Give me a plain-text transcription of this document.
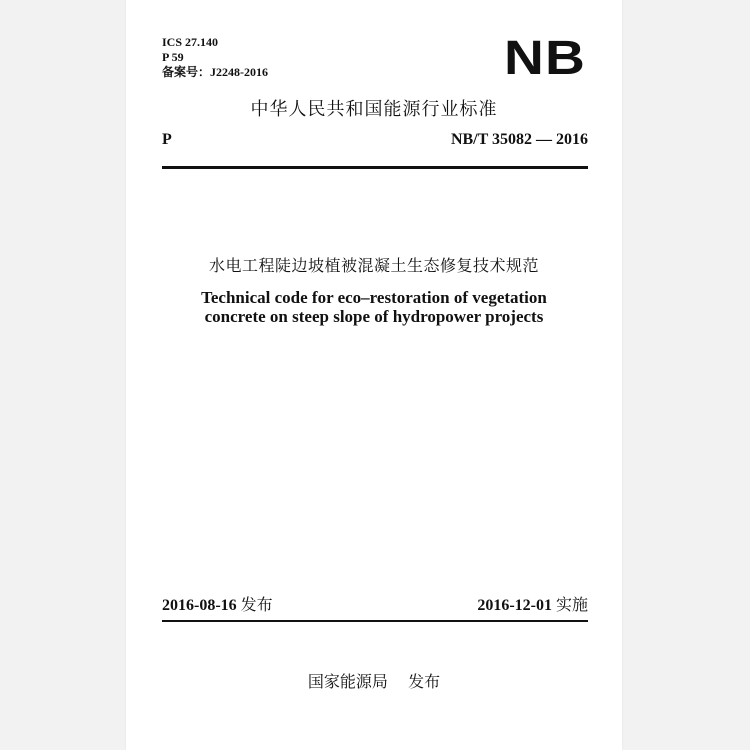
ICS 27.140
P 59
备案号：J2248-2016	NB
中华人民共和国能源行业标准
P	NB/T 35082 — 2016
水电工程陡边坡植被混凝土生态修复技术规范
Technical code for eco–restoration of vegetation
concrete on steep slope of hydropower projects
2016-08-16 发布	2016-12-01 实施
国家能源局    发布
